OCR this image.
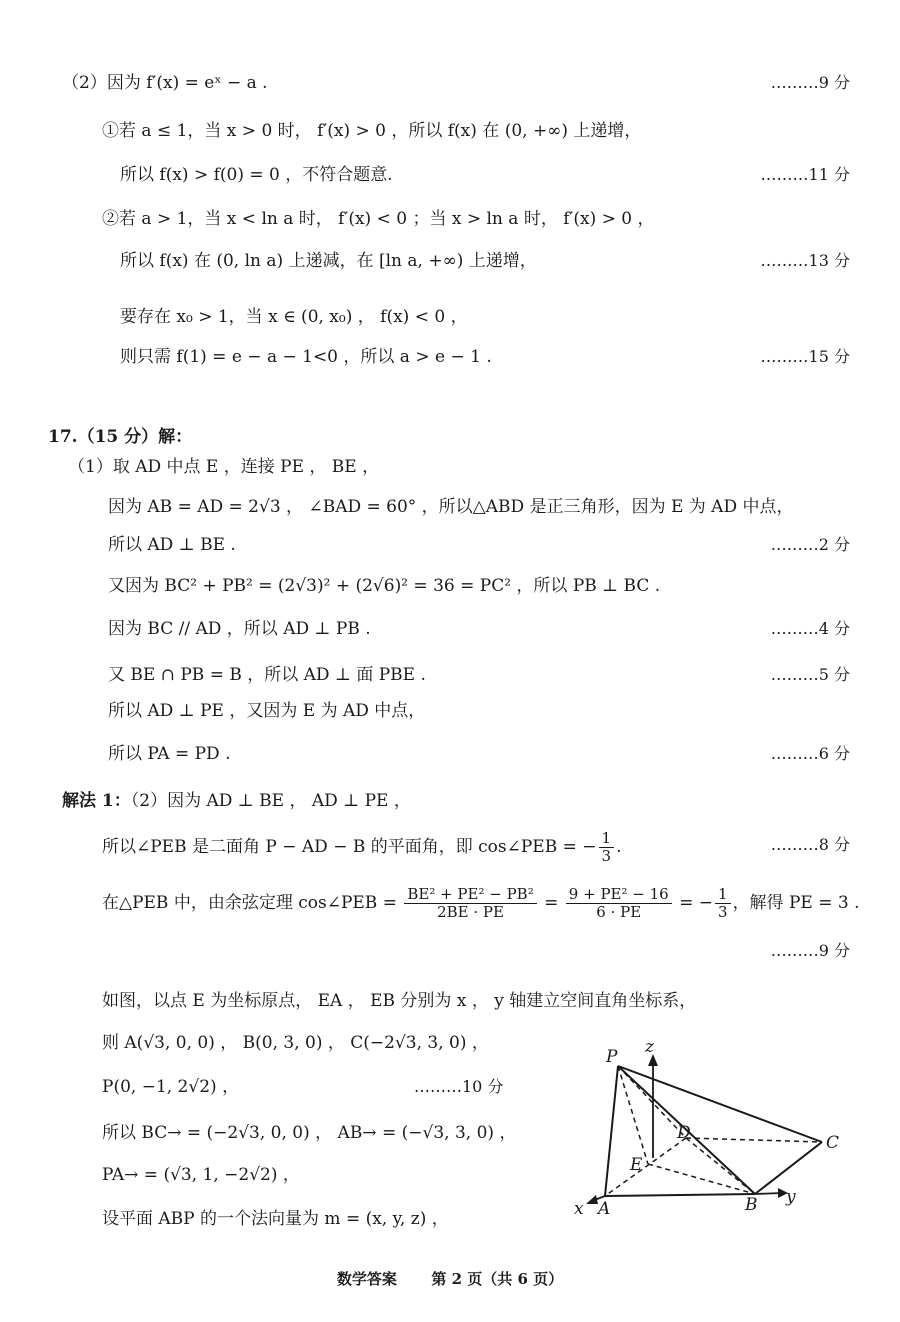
（2）因为 f′(x) = eˣ − a .	………9 分
①若 a ≤ 1，当 x > 0 时， f′(x) > 0 ，所以 f(x) 在 (0, +∞) 上递增，
所以 f(x) > f(0) = 0 ，不符合题意.	………11 分
②若 a > 1，当 x < ln a 时， f′(x) < 0 ；当 x > ln a 时， f′(x) > 0 ，
所以 f(x) 在 (0, ln a) 上递减，在 [ln a, +∞) 上递增，	………13 分
要存在 x₀ > 1，当 x ∈ (0, x₀) ， f(x) < 0 ，
则只需 f(1) = e − a − 1<0 ，所以 a > e − 1 .	………15 分
17.（15 分）解：
（1）取 AD 中点 E ，连接 PE ， BE ，
因为 AB = AD = 2√3 ， ∠BAD = 60° ，所以△ABD 是正三角形，因为 E 为 AD 中点，
所以 AD ⊥ BE .	………2 分
又因为 BC² + PB² = (2√3)² + (2√6)² = 36 = PC² ，所以 PB ⊥ BC .
因为 BC // AD ，所以 AD ⊥ PB .	………4 分
又 BE ∩ PB = B ，所以 AD ⊥ 面 PBE .	………5 分
所以 AD ⊥ PE ，又因为 E 为 AD 中点，
所以 PA = PD .	………6 分
解法 1：（2）因为 AD ⊥ BE ， AD ⊥ PE ，
所以∠PEB 是二面角 P − AD − B 的平面角，即 cos∠PEB = − $\frac{1}{3}$ .	………8 分
在△PEB 中，由余弦定理 cos∠PEB = $\frac{\text{BE² + PE² − PB²}}{2BE \cdot PE} = \frac{\text{9 + PE² − 16}}{6 \cdot PE}$ = − $\frac{1}{3}$ ，解得 PE = 3 .
………9 分
如图，以点 E 为坐标原点， EA ， EB 分别为 x ， y 轴建立空间直角坐标系，
则 A(√3, 0, 0) ， B(0, 3, 0) ， C(−2√3, 3, 0) ，
P(0, −1, 2√2) ，	………10 分
所以 BC→ = (−2√3, 0, 0) ， AB→ = (−√3, 3, 0) ，
PA→ = (√3, 1, −2√2) ，
设平面 ABP 的一个法向量为 m = (x, y, z) ，
P z
D
E
C
x A	B y
数学答案 第 2 页（共 6 页）
